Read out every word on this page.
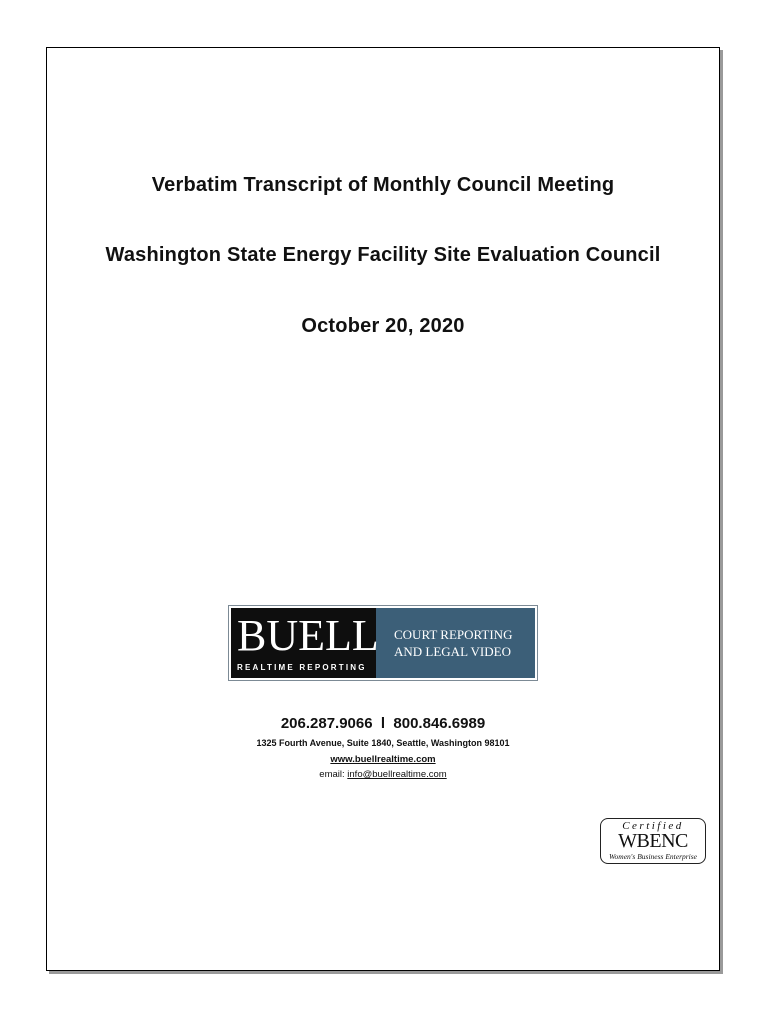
Verbatim Transcript of Monthly Council Meeting
Washington State Energy Facility Site Evaluation Council
October 20, 2020
BUELL
REALTIME REPORTING
COURT REPORTING
AND LEGAL VIDEO
206.287.9066  l  800.846.6989
1325 Fourth Avenue, Suite 1840, Seattle, Washington 98101
www.buellrealtime.com
email: info@buellrealtime.com
Certified
WBENC
Women's Business Enterprise
